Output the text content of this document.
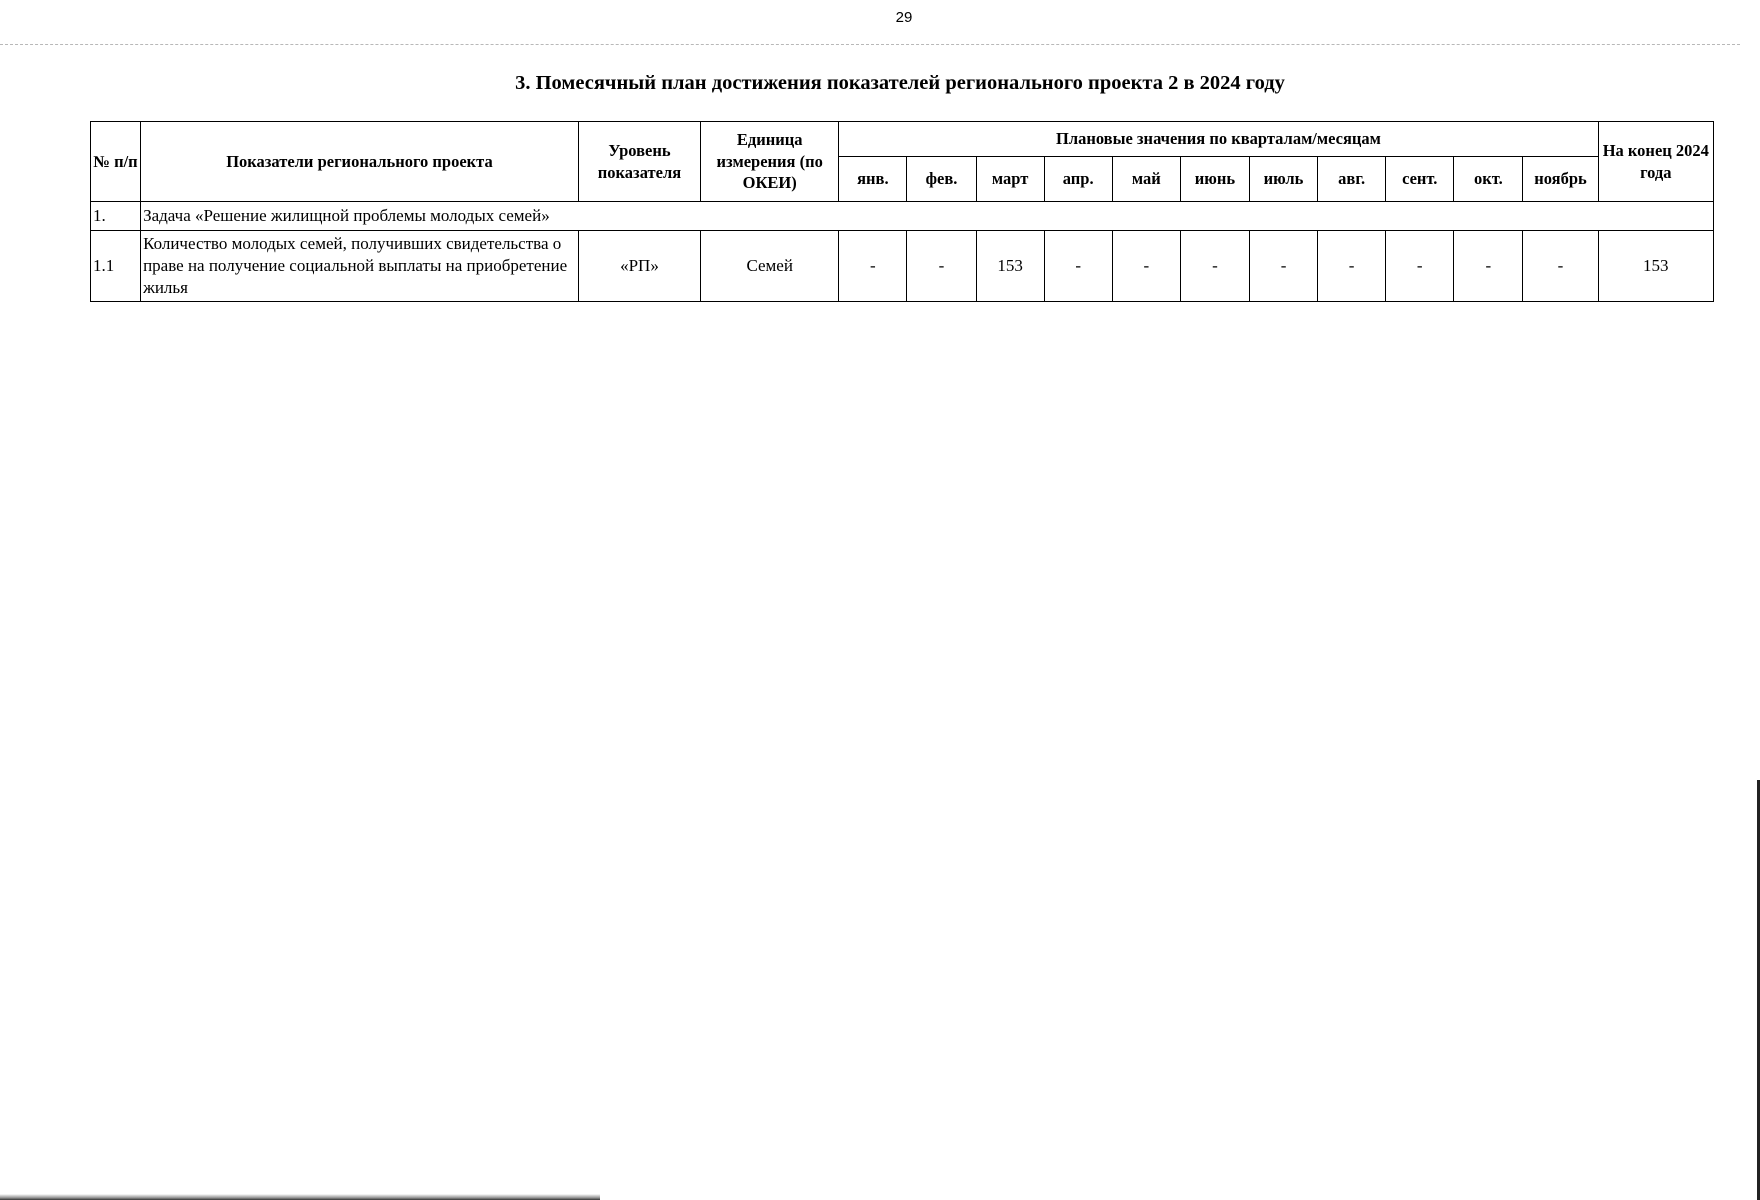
29
3. Помесячный план достижения показателей регионального проекта 2 в 2024 году
№ п/п	Показатели регионального проекта	Уровень показателя	Единица измерения (по ОКЕИ)	Плановые значения по кварталам/месяцам											На конец 2024 года
				янв.	фев.	март	апр.	май	июнь	июль	авг.	сент.	окт.	ноябрь	
1.	Задача «Решение жилищной проблемы молодых семей»														
1.1	Количество молодых семей, получивших свидетельства о праве на получение социальной выплаты на приобретение жилья	«РП»	Семей	-	-	153	-	-	-	-	-	-	-	-	153
